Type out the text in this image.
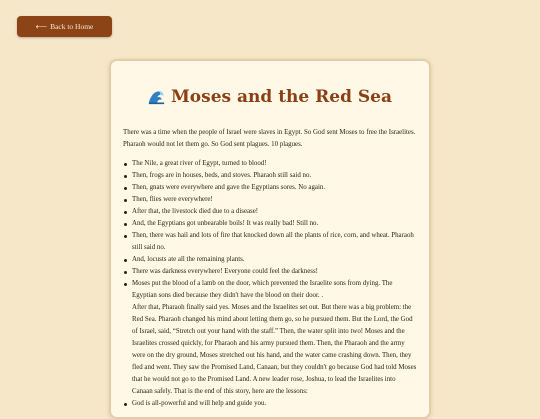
⟵ Back to Home
Moses and the Red Sea

There was a time when the people of Israel were slaves in Egypt. So God sent Moses to free the Israelites. Pharaoh would not let them go. So God sent plagues. 10 plagues.

The Nile, a great river of Egypt, turned to blood!
Then, frogs are in houses, beds, and stoves. Pharaoh still said no.
Then, gnats were everywhere and gave the Egyptians sores. No again.
Then, flies were everywhere!
After that, the livestock died due to a disease!
And, the Egyptians got unbearable boils! It was really bad! Still no.
Then, there was hail and lots of fire that knocked down all the plants of rice, corn, and wheat. Pharaoh still said no.
And, locusts ate all the remaining plants.
There was darkness everywhere! Everyone could feel the darkness!
Moses put the blood of a lamb on the door, which prevented the Israelite sons from dying. The Egyptian sons died because they didn't have the blood on their door. .

After that, Pharaoh finally said yes. Moses and the Israelites set out. But there was a big problem: the Red Sea. Pharaoh changed his mind about letting them go, so he pursued them. But the Lord, the God of Israel, said, “Stretch out your hand with the staff.” Then, the water split into two! Moses and the Israelites crossed quickly, for Pharaoh and his army pursued them. Then, the Pharaoh and the army were on the dry ground, Moses stretched out his hand, and the water came crashing down. Then, they fled and went. They saw the Promised Land, Canaan, but they couldn't go because God had told Moses that he would not go to the Promised Land. A new leader rose, Joshua, to lead the Israelites into Canaan safely. That is the end of this story, here are the lessons:

God is all-powerful and will help and guide you.
